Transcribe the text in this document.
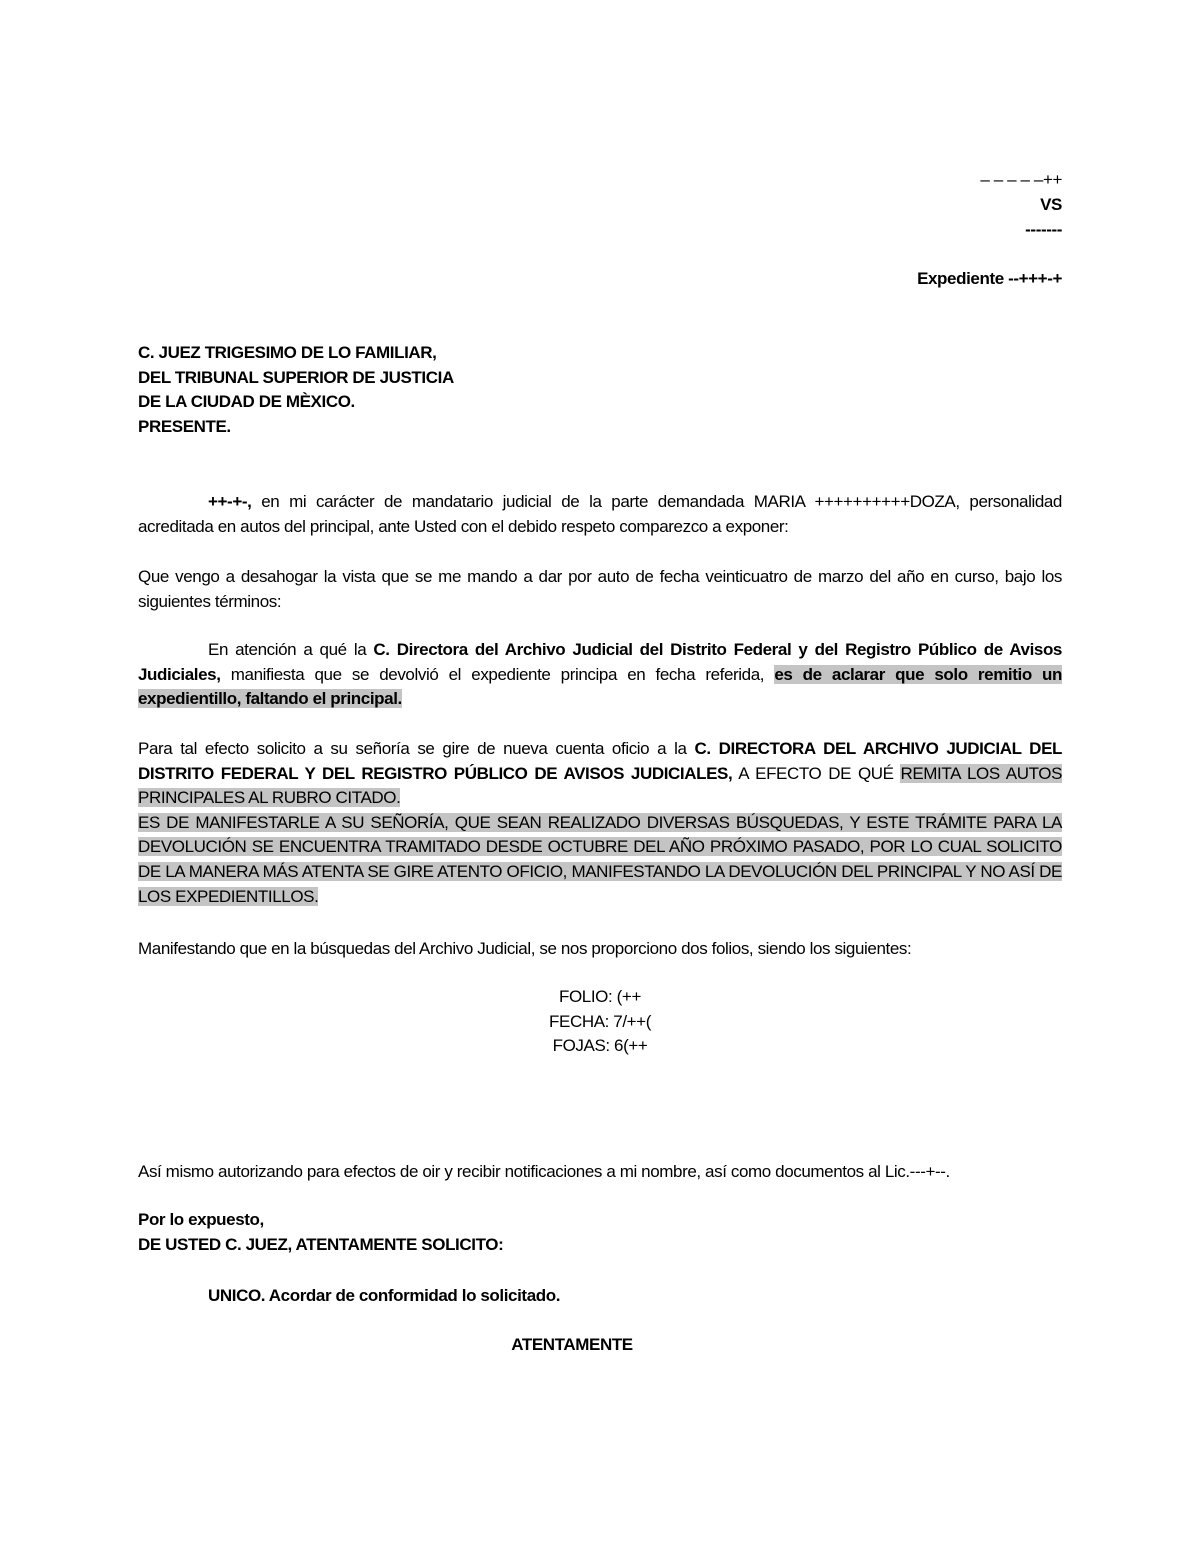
– – – – –++
VS
-------
Expediente --+++-+
C. JUEZ TRIGESIMO DE LO FAMILIAR,
DEL TRIBUNAL SUPERIOR DE JUSTICIA
DE LA CIUDAD DE MÈXICO.
PRESENTE.
++-+-, en mi carácter de mandatario judicial de la parte demandada MARIA ++++++++++DOZA, personalidad acreditada en autos del principal, ante Usted con el debido respeto comparezco a exponer:
Que vengo a desahogar la vista que se me mando a dar por auto de fecha veinticuatro de marzo del año en curso, bajo los siguientes términos:
En atención a qué la C. Directora del Archivo Judicial del Distrito Federal y del Registro Público de Avisos Judiciales, manifiesta que se devolvió el expediente principa en fecha referida, es de aclarar que solo remitio un expedientillo, faltando el principal.
Para tal efecto solicito a su señoría se gire de nueva cuenta oficio a la C. DIRECTORA DEL ARCHIVO JUDICIAL DEL DISTRITO FEDERAL Y DEL REGISTRO PÚBLICO DE AVISOS JUDICIALES, A EFECTO DE QUÉ REMITA LOS AUTOS PRINCIPALES AL RUBRO CITADO.
ES DE MANIFESTARLE A SU SEÑORÍA, QUE SEAN REALIZADO DIVERSAS BÚSQUEDAS, Y ESTE TRÁMITE PARA LA DEVOLUCIÓN SE ENCUENTRA TRAMITADO DESDE OCTUBRE DEL AÑO PRÓXIMO PASADO, POR LO CUAL SOLICITO DE LA MANERA MÁS ATENTA SE GIRE ATENTO OFICIO, MANIFESTANDO LA DEVOLUCIÓN DEL PRINCIPAL Y NO ASÍ DE LOS EXPEDIENTILLOS.
Manifestando que en la búsquedas del Archivo Judicial, se nos proporciono dos folios, siendo los siguientes:
FOLIO: (++
FECHA: 7/++(
FOJAS: 6(++
Así mismo autorizando para efectos de oir y recibir notificaciones a mi nombre, así como documentos al Lic.---+--.
Por lo expuesto,
DE USTED C. JUEZ, ATENTAMENTE SOLICITO:
UNICO. Acordar de conformidad lo solicitado.
ATENTAMENTE
